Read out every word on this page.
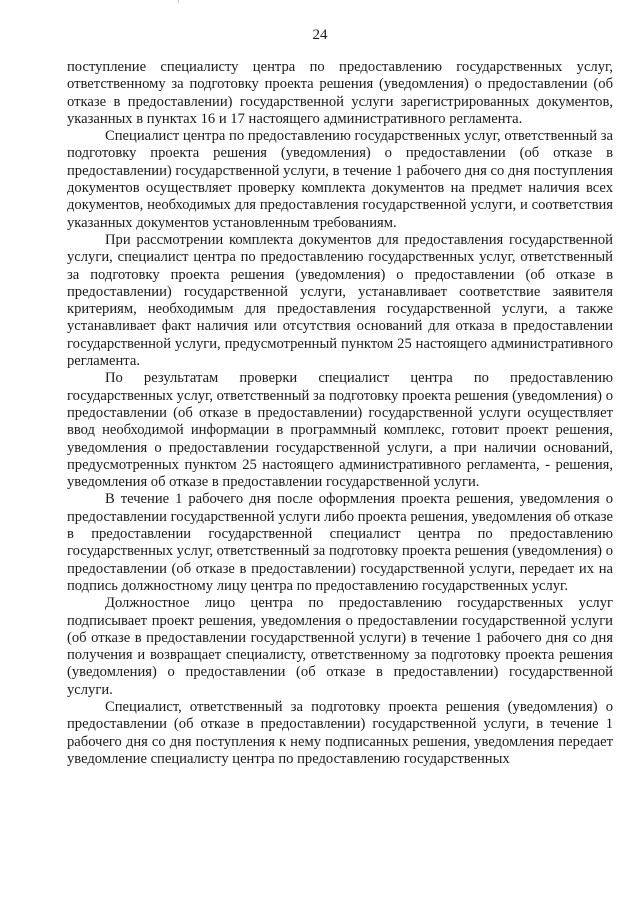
24

поступление специалисту центра по предоставлению государственных услуг, ответственному за подготовку проекта решения (уведомления) о предоставлении (об отказе в предоставлении) государственной услуги зарегистрированных документов, указанных в пунктах 16 и 17 настоящего административного регламента.

Специалист центра по предоставлению государственных услуг, ответственный за подготовку проекта решения (уведомления) о предоставлении (об отказе в предоставлении) государственной услуги, в течение 1 рабочего дня со дня поступления документов осуществляет проверку комплекта документов на предмет наличия всех документов, необходимых для предоставления государственной услуги, и соответствия указанных документов установленным требованиям.

При рассмотрении комплекта документов для предоставления государственной услуги, специалист центра по предоставлению государственных услуг, ответственный за подготовку проекта решения (уведомления) о предоставлении (об отказе в предоставлении) государственной услуги, устанавливает соответствие заявителя критериям, необходимым для предоставления государственной услуги, а также устанавливает факт наличия или отсутствия оснований для отказа в предоставлении государственной услуги, предусмотренный пунктом 25 настоящего административного регламента.

По результатам проверки специалист центра по предоставлению государственных услуг, ответственный за подготовку проекта решения (уведомления) о предоставлении (об отказе в предоставлении) государственной услуги осуществляет ввод необходимой информации в программный комплекс, готовит проект решения, уведомления о предоставлении государственной услуги, а при наличии оснований, предусмотренных пунктом 25 настоящего административного регламента, - решения, уведомления об отказе в предоставлении государственной услуги.

В течение 1 рабочего дня после оформления проекта решения, уведомления о предоставлении государственной услуги либо проекта решения, уведомления об отказе в предоставлении государственной специалист центра по предоставлению государственных услуг, ответственный за подготовку проекта решения (уведомления) о предоставлении (об отказе в предоставлении) государственной услуги, передает их на подпись должностному лицу центра по предоставлению государственных услуг.

Должностное лицо центра по предоставлению государственных услуг подписывает проект решения, уведомления о предоставлении государственной услуги (об отказе в предоставлении государственной услуги) в течение 1 рабочего дня со дня получения и возвращает специалисту, ответственному за подготовку проекта решения (уведомления) о предоставлении (об отказе в предоставлении) государственной услуги.

Специалист, ответственный за подготовку проекта решения (уведомления) о предоставлении (об отказе в предоставлении) государственной услуги, в течение 1 рабочего дня со дня поступления к нему подписанных решения, уведомления передает уведомление специалисту центра по предоставлению государственных
